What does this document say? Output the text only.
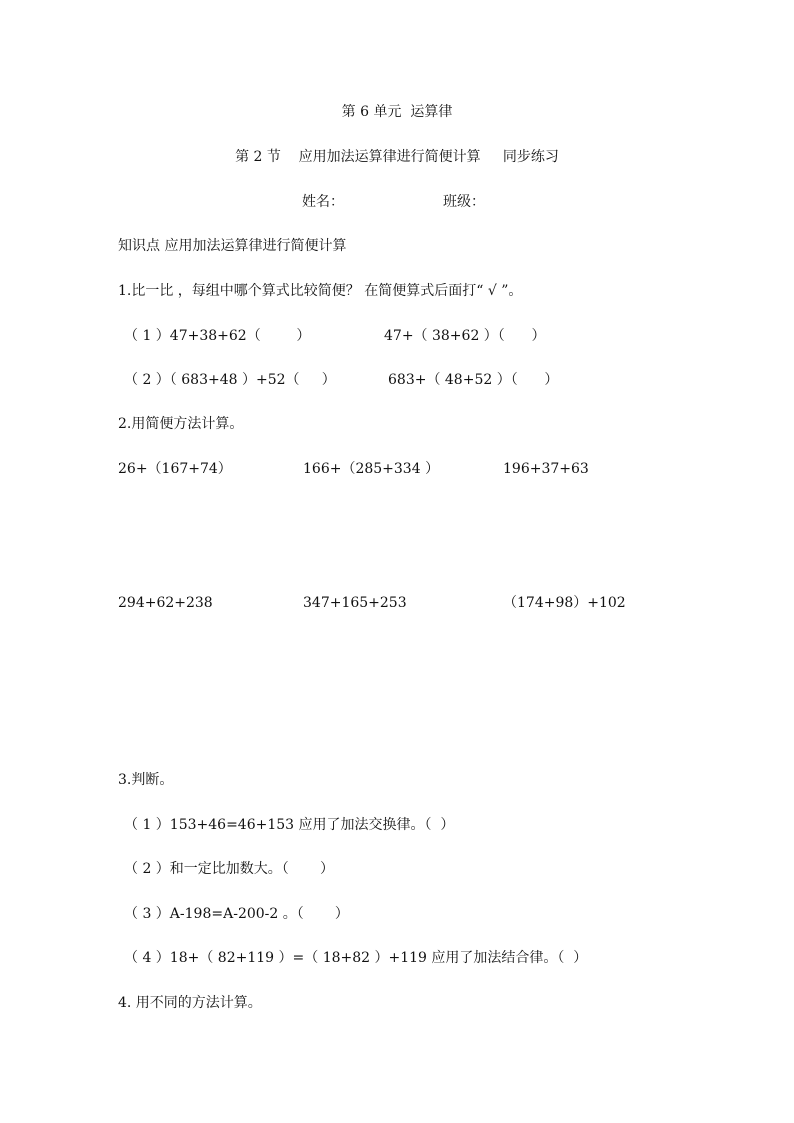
第 6 单元  运算律
第 2 节    应用加法运算律进行简便计算     同步练习
姓名：	班级：
知识点 应用加法运算律进行简便计算
1.比一比 ，每组中哪个算式比较简便？ 在简便算式后面打“ √ ”。
（ 1 ）47+38+62（        ）	47+（ 38+62 ）（      ）
（ 2 ）（ 683+48 ）+52（     ）	683+（ 48+52 ）（      ）
2.用简便方法计算。
26+（167+74）	166+（285+334 ）	196+37+63
294+62+238	347+165+253	（174+98）+102
3.判断。
（ 1 ）153+46=46+153 应用了加法交换律。（  ）
（ 2 ）和一定比加数大。（       ）
（ 3 ）A-198=A-200-2 。（       ）
（ 4 ）18+（ 82+119 ）=（ 18+82 ）+119 应用了加法结合律。（  ）
4. 用不同的方法计算。
